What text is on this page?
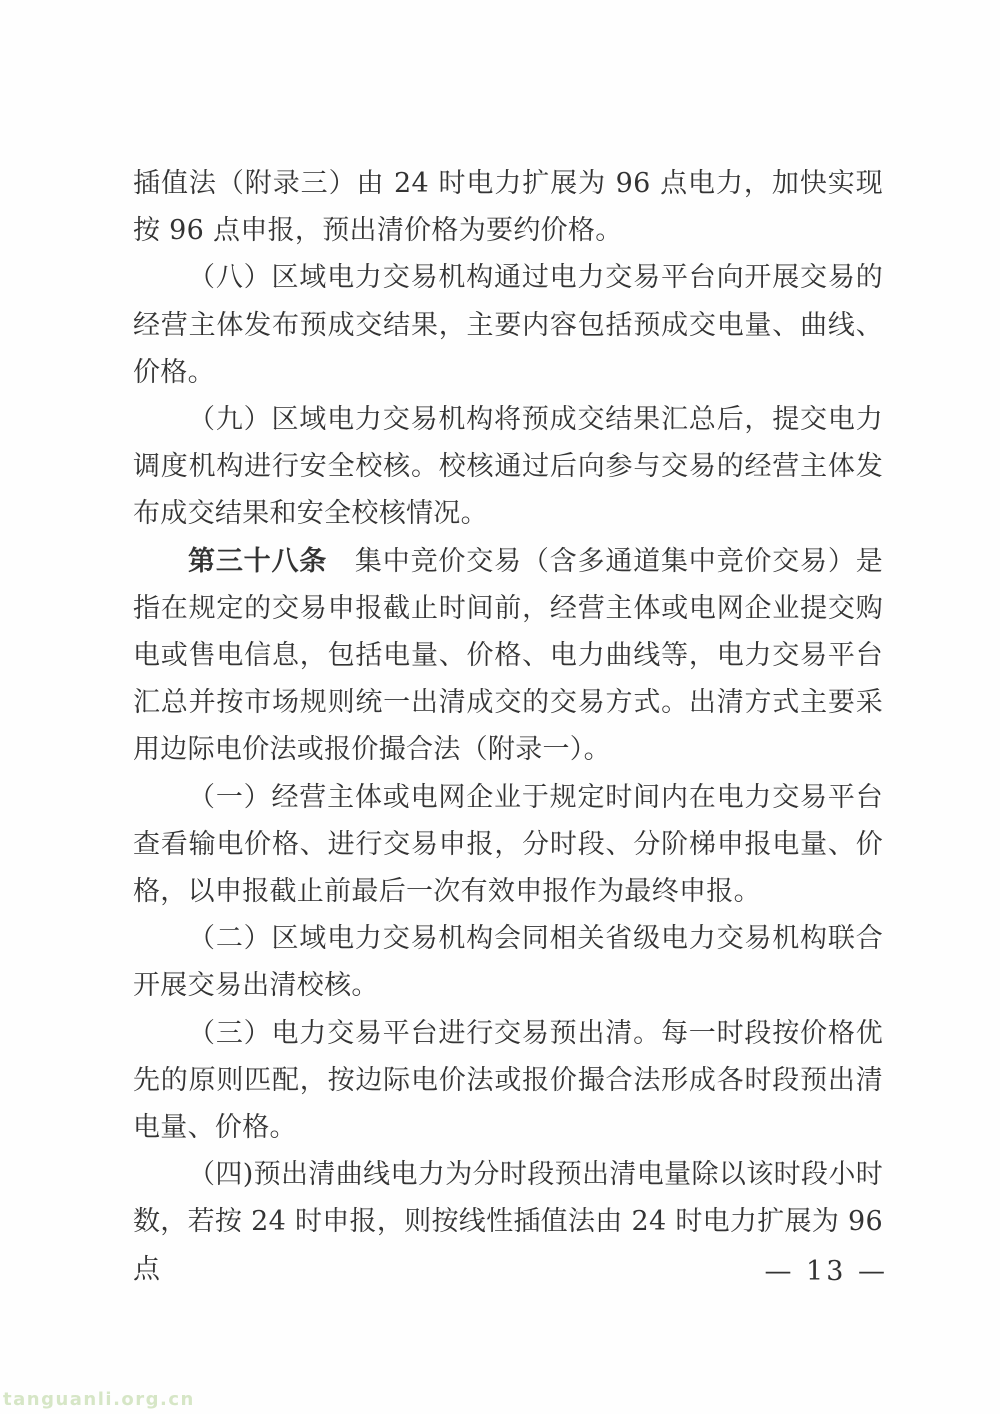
插值法（附录三）由 24 时电力扩展为 96 点电力，加快实现按 96 点申报，预出清价格为要约价格。

（八）区域电力交易机构通过电力交易平台向开展交易的经营主体发布预成交结果，主要内容包括预成交电量、曲线、价格。

（九）区域电力交易机构将预成交结果汇总后，提交电力调度机构进行安全校核。校核通过后向参与交易的经营主体发布成交结果和安全校核情况。

第三十八条　集中竞价交易（含多通道集中竞价交易）是指在规定的交易申报截止时间前，经营主体或电网企业提交购电或售电信息，包括电量、价格、电力曲线等，电力交易平台汇总并按市场规则统一出清成交的交易方式。出清方式主要采用边际电价法或报价撮合法（附录一）。

（一）经营主体或电网企业于规定时间内在电力交易平台查看输电价格、进行交易申报，分时段、分阶梯申报电量、价格，以申报截止前最后一次有效申报作为最终申报。

（二）区域电力交易机构会同相关省级电力交易机构联合开展交易出清校核。

（三）电力交易平台进行交易预出清。每一时段按价格优先的原则匹配，按边际电价法或报价撮合法形成各时段预出清电量、价格。

（四)预出清曲线电力为分时段预出清电量除以该时段小时数，若按 24 时申报，则按线性插值法由 24 时电力扩展为 96 点	— 13 —
tanguanli.org.cn
